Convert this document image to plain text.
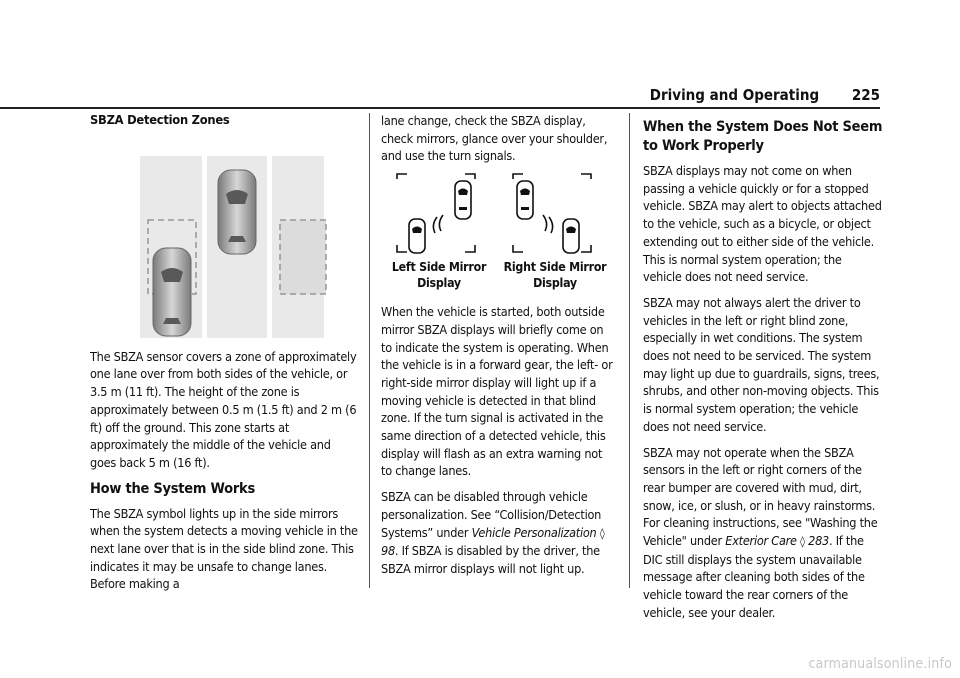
Driving and Operating 225

SBZA Detection Zones

The SBZA sensor covers a zone of approximately one lane over from both sides of the vehicle, or 3.5 m (11 ft). The height of the zone is approximately between 0.5 m (1.5 ft) and 2 m (6 ft) off the ground. This zone starts at approximately the middle of the vehicle and goes back 5 m (16 ft).

How the System Works

The SBZA symbol lights up in the side mirrors when the system detects a moving vehicle in the next lane over that is in the side blind zone. This indicates it may be unsafe to change lanes. Before making a

lane change, check the SBZA display, check mirrors, glance over your shoulder, and use the turn signals.

Left Side Mirror
Display
Right Side Mirror
Display

When the vehicle is started, both outside mirror SBZA displays will briefly come on to indicate the system is operating. When the vehicle is in a forward gear, the left- or right-side mirror display will light up if a moving vehicle is detected in that blind zone. If the turn signal is activated in the same direction of a detected vehicle, this display will flash as an extra warning not to change lanes.

SBZA can be disabled through vehicle personalization. See “Collision/Detection Systems” under Vehicle Personalization ◊ 98. If SBZA is disabled by the driver, the SBZA mirror displays will not light up.

When the System Does Not Seem to Work Properly

SBZA displays may not come on when passing a vehicle quickly or for a stopped vehicle. SBZA may alert to objects attached to the vehicle, such as a bicycle, or object extending out to either side of the vehicle. This is normal system operation; the vehicle does not need service.

SBZA may not always alert the driver to vehicles in the left or right blind zone, especially in wet conditions. The system does not need to be serviced. The system may light up due to guardrails, signs, trees, shrubs, and other non-moving objects. This is normal system operation; the vehicle does not need service.

SBZA may not operate when the SBZA sensors in the left or right corners of the rear bumper are covered with mud, dirt, snow, ice, or slush, or in heavy rainstorms. For cleaning instructions, see "Washing the Vehicle" under Exterior Care ◊ 283. If the DIC still displays the system unavailable message after cleaning both sides of the vehicle toward the rear corners of the vehicle, see your dealer.

carmanualsonline.info
